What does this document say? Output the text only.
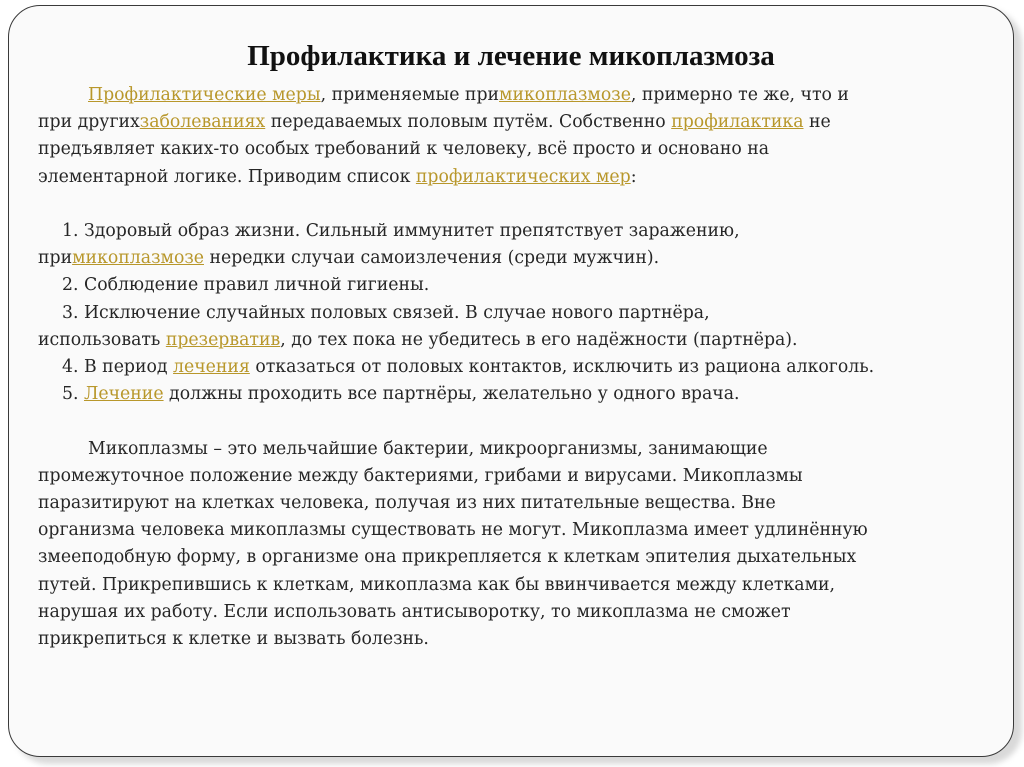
Профилактика и лечение микоплазмоза

Профилактические меры, применяемые примикоплазмозе, примерно те же, что и

при другихзаболеваниях передаваемых половым путём. Собственно профилактика не

предъявляет каких-то особых требований к человеку, всё просто и основано на

элементарной логике. Приводим список профилактических мер:

1. Здоровый образ жизни. Сильный иммунитет препятствует заражению,

примикоплазмозе нередки случаи самоизлечения (среди мужчин).

2. Соблюдение правил личной гигиены.

3. Исключение случайных половых связей. В случае нового партнёра,

использовать презерватив, до тех пока не убедитесь в его надёжности (партнёра).

4. В период лечения отказаться от половых контактов, исключить из рациона алкоголь.

5. Лечение должны проходить все партнёры, желательно у одного врача.

Микоплазмы – это мельчайшие бактерии, микроорганизмы, занимающие

промежуточное положение между бактериями, грибами и вирусами. Микоплазмы

паразитируют на клетках человека, получая из них питательные вещества. Вне

организма человека микоплазмы существовать не могут. Микоплазма имеет удлинённую

змееподобную форму, в организме она прикрепляется к клеткам эпителия дыхательных

путей. Прикрепившись к клеткам, микоплазма как бы ввинчивается между клетками,

нарушая их работу. Если использовать антисыворотку, то микоплазма не сможет

прикрепиться к клетке и вызвать болезнь.
